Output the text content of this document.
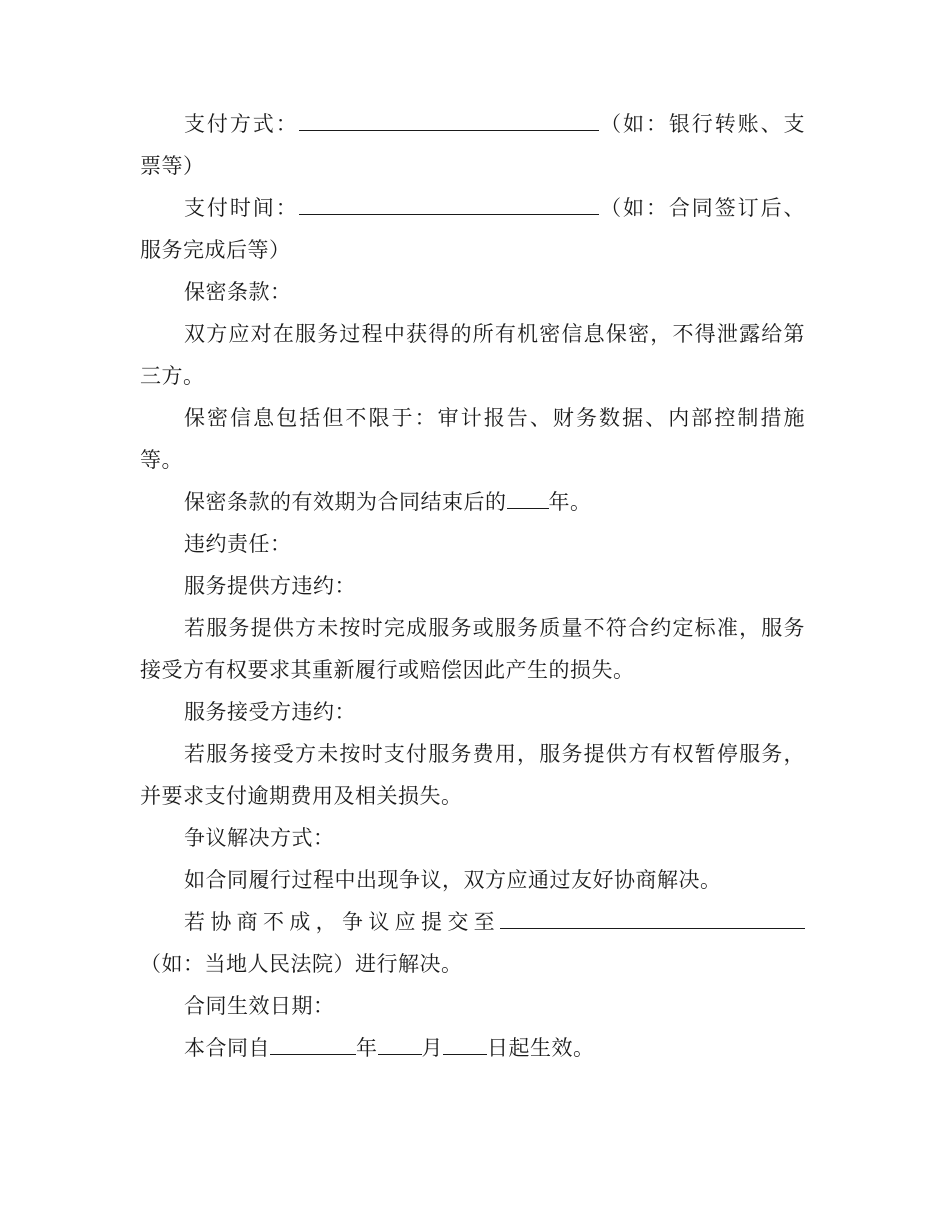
支付方式：	（如：银行转账、支票等）

支付时间：	（如：合同签订后、服务完成后等）

保密条款：

双方应对在服务过程中获得的所有机密信息保密，不得泄露给第三方。

保密信息包括但不限于：审计报告、财务数据、内部控制措施等。

保密条款的有效期为合同结束后的 年。

违约责任：

服务提供方违约：

若服务提供方未按时完成服务或服务质量不符合约定标准，服务接受方有权要求其重新履行或赔偿因此产生的损失。

服务接受方违约：

若服务接受方未按时支付服务费用，服务提供方有权暂停服务，并要求支付逾期费用及相关损失。

争议解决方式：

如合同履行过程中出现争议，双方应通过友好协商解决。

若协商不成，争议应提交至（如：当地人民法院）进行解决。

合同生效日期：

本合同自	年 月 日起生效。
